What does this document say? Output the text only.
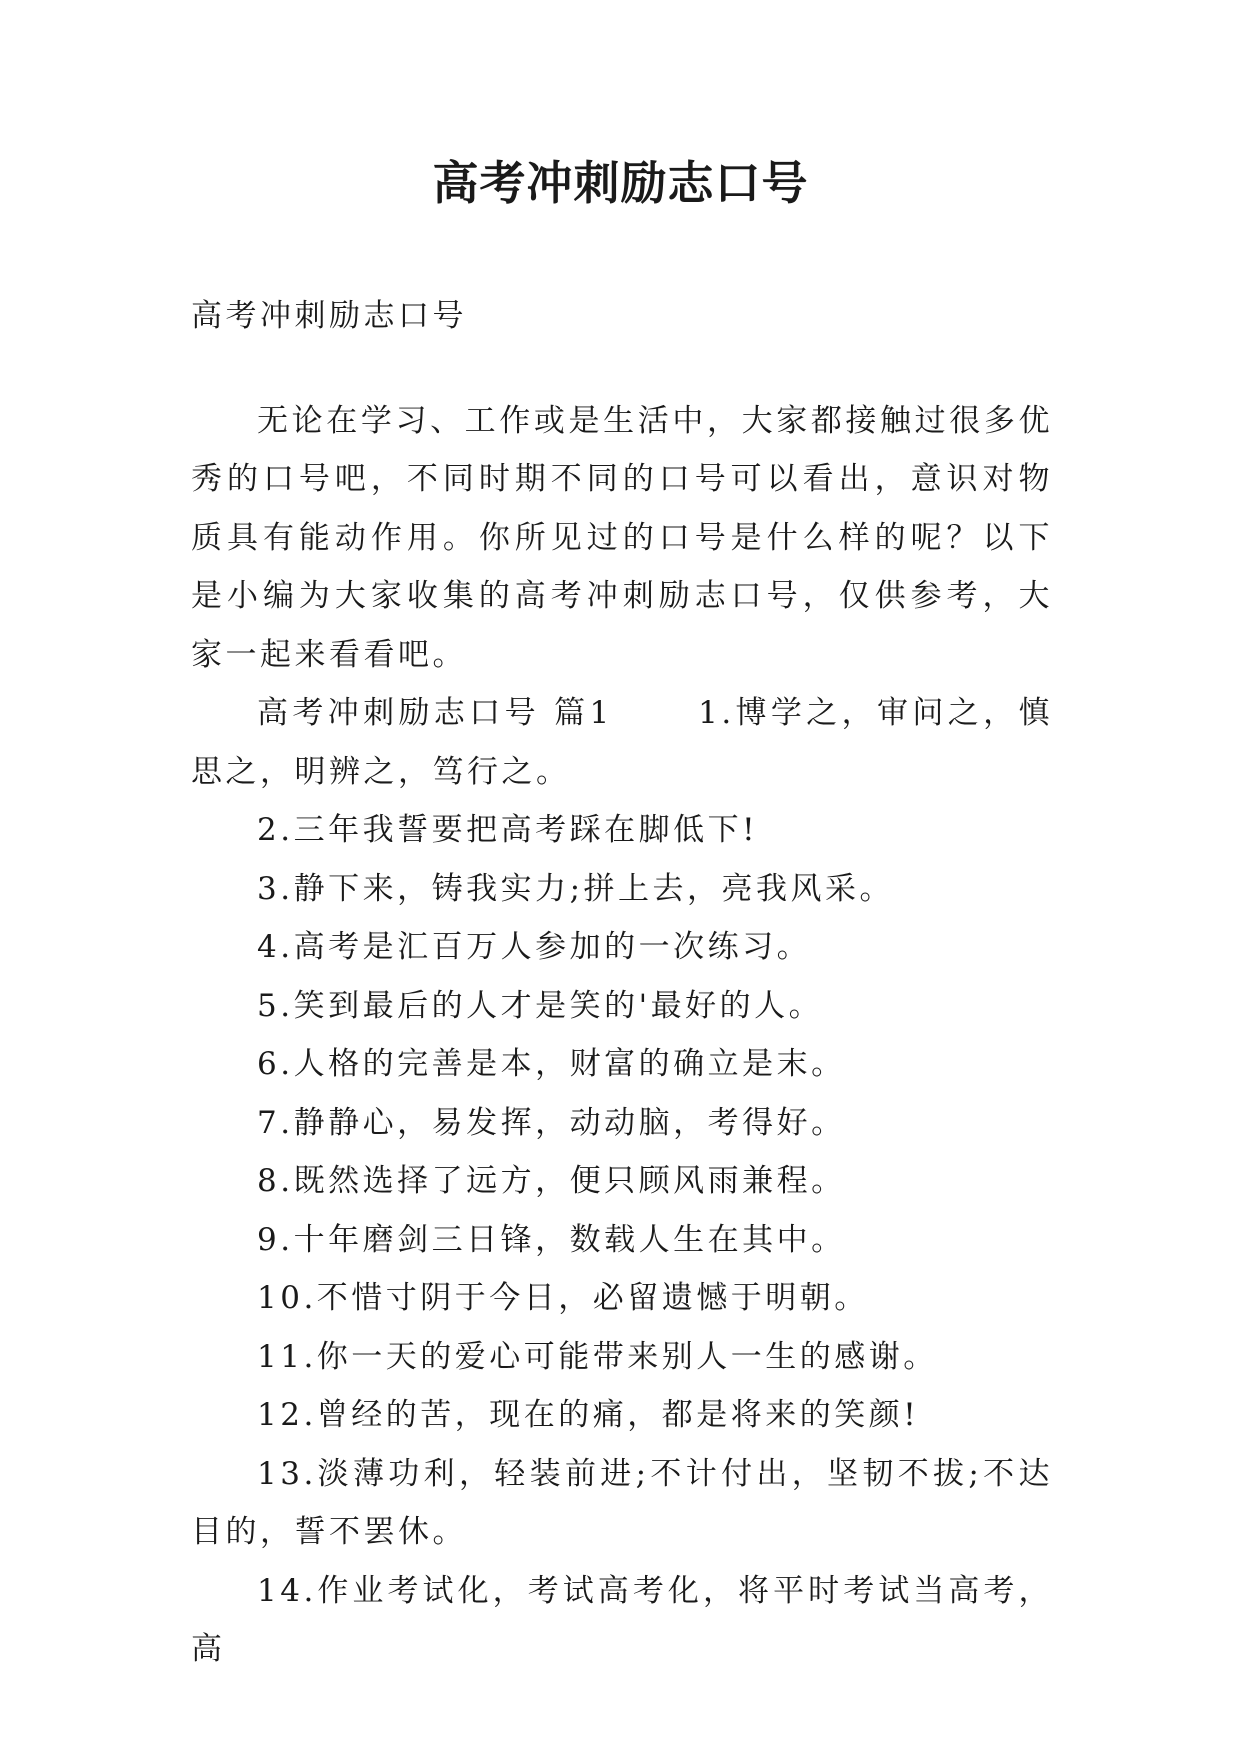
高考冲刺励志口号

高考冲刺励志口号

无论在学习、工作或是生活中，大家都接触过很多优秀的口号吧，不同时期不同的口号可以看出，意识对物质具有能动作用。你所见过的口号是什么样的呢？以下是小编为大家收集的高考冲刺励志口号，仅供参考，大家一起来看看吧。

高考冲刺励志口号 篇1	1.博学之，审问之，慎思之，明辨之，笃行之。

2.三年我誓要把高考踩在脚低下!

3.静下来，铸我实力;拼上去，亮我风采。

4.高考是汇百万人参加的一次练习。

5.笑到最后的人才是笑的'最好的人。

6.人格的完善是本，财富的确立是末。

7.静静心，易发挥，动动脑，考得好。

8.既然选择了远方，便只顾风雨兼程。

9.十年磨剑三日锋，数载人生在其中。

10.不惜寸阴于今日，必留遗憾于明朝。

11.你一天的爱心可能带来别人一生的感谢。

12.曾经的苦，现在的痛，都是将来的笑颜!

13.淡薄功利，轻装前进;不计付出，坚韧不拔;不达目的，誓不罢休。

14.作业考试化，考试高考化，将平时考试当高考，高
